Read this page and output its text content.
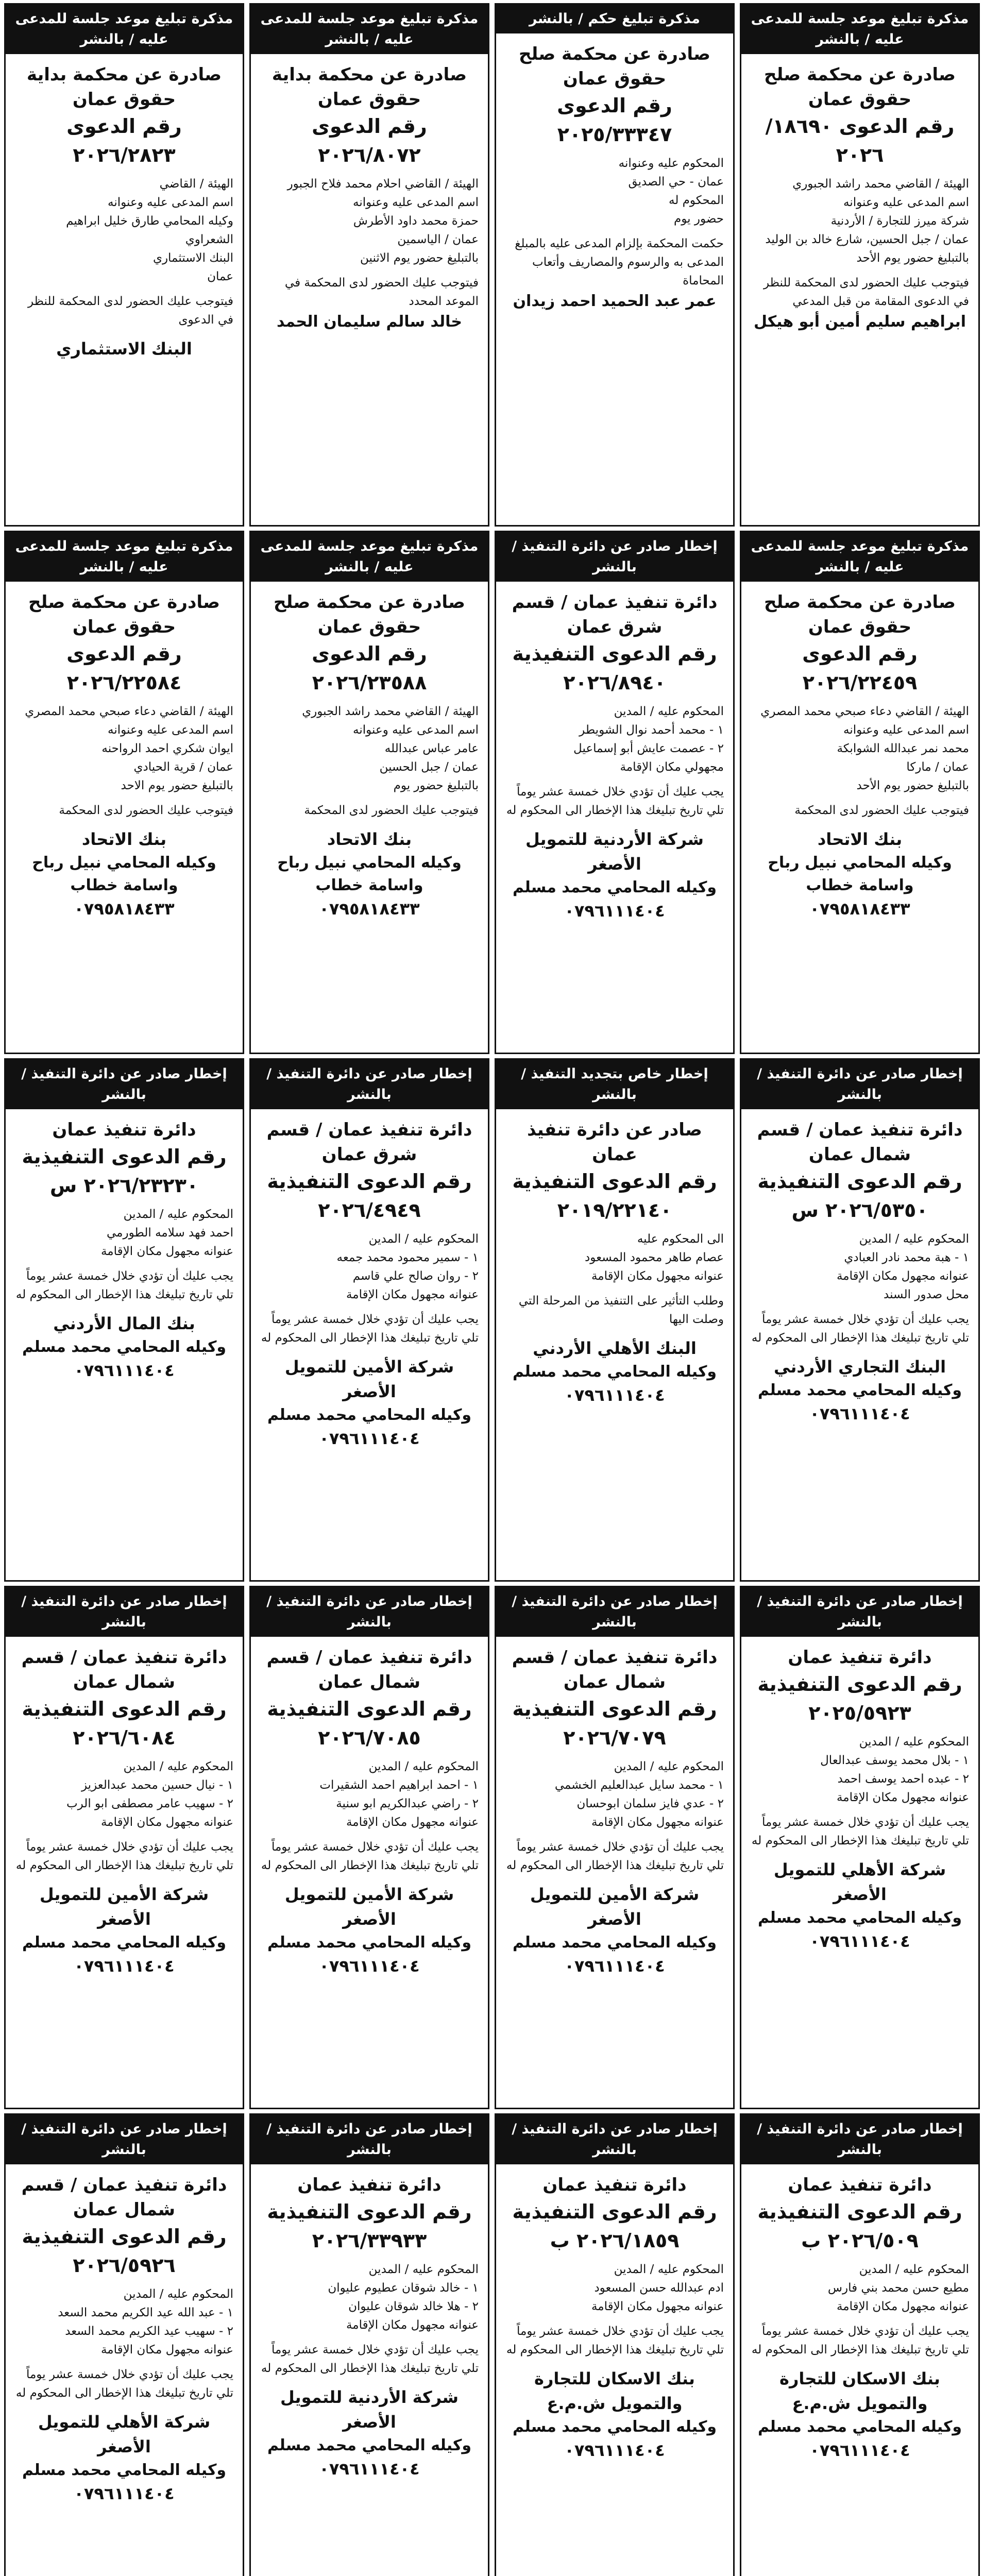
مذكرة تبليغ موعد جلسة للمدعى عليه / بالنشر
صادرة عن محكمة صلح حقوق عمان
رقم الدعوى ١٨٦٩٠/ ٢٠٢٦
الهيئة / القاضي محمد راشد الجبوري
اسم المدعى عليه وعنوانه
شركة ميرز للتجارة / الأردنية
عمان / جبل الحسين، شارع خالد بن الوليد
بالتبليغ حضور يوم الأحد
فيتوجب عليك الحضور لدى المحكمة للنظر في الدعوى المقامة من قبل المدعي
ابراهيم سليم أمين أبو هيكل
مذكرة تبليغ حكم / بالنشر
صادرة عن محكمة صلح حقوق عمان
رقم الدعوى ٢٠٢٥/٣٣٣٤٧
المحكوم عليه وعنوانه
عمان - حي الصديق
المحكوم له
حضور يوم
حكمت المحكمة بإلزام المدعى عليه بالمبلغ المدعى به والرسوم والمصاريف وأتعاب المحاماة
عمر عبد الحميد احمد زيدان
مذكرة تبليغ موعد جلسة للمدعى عليه / بالنشر
صادرة عن محكمة بداية حقوق عمان
رقم الدعوى ٢٠٢٦/٨٠٧٢
الهيئة / القاضي احلام محمد فلاح الجبور
اسم المدعى عليه وعنوانه
حمزة محمد داود الأطرش
عمان / الياسمين
بالتبليغ حضور يوم الاثنين
فيتوجب عليك الحضور لدى المحكمة في الموعد المحدد
خالد سالم سليمان الحمد
مذكرة تبليغ موعد جلسة للمدعى عليه / بالنشر
صادرة عن محكمة بداية حقوق عمان
رقم الدعوى ٢٠٢٦/٢٨٢٣
الهيئة / القاضي
اسم المدعى عليه وعنوانه
وكيله المحامي طارق خليل ابراهيم الشعراوي
البنك الاستثماري
عمان
فيتوجب عليك الحضور لدى المحكمة للنظر في الدعوى
البنك الاستثماري
مذكرة تبليغ موعد جلسة للمدعى عليه / بالنشر
صادرة عن محكمة صلح حقوق عمان
رقم الدعوى ٢٠٢٦/٢٢٤٥٩
الهيئة / القاضي دعاء صبحي محمد المصري
اسم المدعى عليه وعنوانه
محمد نمر عبدالله الشوابكة
عمان / ماركا
بالتبليغ حضور يوم الأحد
فيتوجب عليك الحضور لدى المحكمة
بنك الاتحاد
وكيله المحامي نبيل رباح واسامة خطاب
٠٧٩٥٨١٨٤٣٣
إخطار صادر عن دائرة التنفيذ / بالنشر
دائرة تنفيذ عمان / قسم شرق عمان
رقم الدعوى التنفيذية ٢٠٢٦/٨٩٤٠
المحكوم عليه / المدين
١ - محمد أحمد نوال الشويطر
٢ - عصمت عايش أبو إسماعيل
مجهولي مكان الإقامة
يجب عليك أن تؤدي خلال خمسة عشر يوماً تلي تاريخ تبليغك هذا الإخطار الى المحكوم له
شركة الأردنية للتمويل الأصغر
وكيله المحامي محمد مسلم
٠٧٩٦١١١٤٠٤
مذكرة تبليغ موعد جلسة للمدعى عليه / بالنشر
صادرة عن محكمة صلح حقوق عمان
رقم الدعوى ٢٠٢٦/٢٣٥٨٨
الهيئة / القاضي محمد راشد الجبوري
اسم المدعى عليه وعنوانه
عامر عباس عبدالله
عمان / جبل الحسين
بالتبليغ حضور يوم
فيتوجب عليك الحضور لدى المحكمة
بنك الاتحاد
وكيله المحامي نبيل رباح واسامة خطاب
٠٧٩٥٨١٨٤٣٣
مذكرة تبليغ موعد جلسة للمدعى عليه / بالنشر
صادرة عن محكمة صلح حقوق عمان
رقم الدعوى ٢٠٢٦/٢٢٥٨٤
الهيئة / القاضي دعاء صبحي محمد المصري
اسم المدعى عليه وعنوانه
ايوان شكري احمد الرواحنه
عمان / قرية الحيادي
بالتبليغ حضور يوم الاحد
فيتوجب عليك الحضور لدى المحكمة
بنك الاتحاد
وكيله المحامي نبيل رباح واسامة خطاب
٠٧٩٥٨١٨٤٣٣
إخطار صادر عن دائرة التنفيذ / بالنشر
دائرة تنفيذ عمان / قسم شمال عمان
رقم الدعوى التنفيذية ٢٠٢٦/٥٣٥٠ س
المحكوم عليه / المدين
١ - هبة محمد نادر العبادي
عنوانه مجهول مكان الإقامة
محل صدور السند
يجب عليك أن تؤدي خلال خمسة عشر يوماً تلي تاريخ تبليغك هذا الإخطار الى المحكوم له
البنك التجاري الأردني
وكيله المحامي محمد مسلم
٠٧٩٦١١١٤٠٤
إخطار خاص بتجديد التنفيذ / بالنشر
صادر عن دائرة تنفيذ عمان
رقم الدعوى التنفيذية ٢٠١٩/٢٢١٤٠
الى المحكوم عليه
عصام طاهر محمود المسعود
عنوانه مجهول مكان الإقامة
وطلب التأثير على التنفيذ من المرحلة التي وصلت اليها
البنك الأهلي الأردني
وكيله المحامي محمد مسلم
٠٧٩٦١١١٤٠٤
إخطار صادر عن دائرة التنفيذ / بالنشر
دائرة تنفيذ عمان / قسم شرق عمان
رقم الدعوى التنفيذية ٢٠٢٦/٤٩٤٩
المحكوم عليه / المدين
١ - سمير محمود محمد جمعه
٢ - روان صالح علي قاسم
عنوانه مجهول مكان الإقامة
يجب عليك أن تؤدي خلال خمسة عشر يوماً تلي تاريخ تبليغك هذا الإخطار الى المحكوم له
شركة الأمين للتمويل الأصغر
وكيله المحامي محمد مسلم
٠٧٩٦١١١٤٠٤
إخطار صادر عن دائرة التنفيذ / بالنشر
دائرة تنفيذ عمان
رقم الدعوى التنفيذية ٢٠٢٦/٢٣٢٣٠ س
المحكوم عليه / المدين
احمد فهد سلامه الطورمي
عنوانه مجهول مكان الإقامة
يجب عليك أن تؤدي خلال خمسة عشر يوماً تلي تاريخ تبليغك هذا الإخطار الى المحكوم له
بنك المال الأردني
وكيله المحامي محمد مسلم
٠٧٩٦١١١٤٠٤
إخطار صادر عن دائرة التنفيذ / بالنشر
دائرة تنفيذ عمان
رقم الدعوى التنفيذية ٢٠٢٥/٥٩٢٣
المحكوم عليه / المدين
١ - بلال محمد يوسف عبدالعال
٢ - عبده احمد يوسف احمد
عنوانه مجهول مكان الإقامة
يجب عليك أن تؤدي خلال خمسة عشر يوماً تلي تاريخ تبليغك هذا الإخطار الى المحكوم له
شركة الأهلي للتمويل الأصغر
وكيله المحامي محمد مسلم
٠٧٩٦١١١٤٠٤
إخطار صادر عن دائرة التنفيذ / بالنشر
دائرة تنفيذ عمان / قسم شمال عمان
رقم الدعوى التنفيذية ٢٠٢٦/٧٠٧٩
المحكوم عليه / المدين
١ - محمد سايل عبدالعليم الخشمي
٢ - عدي فايز سلمان ابوحسان
عنوانه مجهول مكان الإقامة
يجب عليك أن تؤدي خلال خمسة عشر يوماً تلي تاريخ تبليغك هذا الإخطار الى المحكوم له
شركة الأمين للتمويل الأصغر
وكيله المحامي محمد مسلم
٠٧٩٦١١١٤٠٤
إخطار صادر عن دائرة التنفيذ / بالنشر
دائرة تنفيذ عمان / قسم شمال عمان
رقم الدعوى التنفيذية ٢٠٢٦/٧٠٨٥
المحكوم عليه / المدين
١ - احمد ابراهيم احمد الشقيرات
٢ - راضي عبدالكريم ابو سنية
عنوانه مجهول مكان الإقامة
يجب عليك أن تؤدي خلال خمسة عشر يوماً تلي تاريخ تبليغك هذا الإخطار الى المحكوم له
شركة الأمين للتمويل الأصغر
وكيله المحامي محمد مسلم
٠٧٩٦١١١٤٠٤
إخطار صادر عن دائرة التنفيذ / بالنشر
دائرة تنفيذ عمان / قسم شمال عمان
رقم الدعوى التنفيذية ٢٠٢٦/٦٠٨٤
المحكوم عليه / المدين
١ - نيال حسين محمد عبدالعزيز
٢ - سهيب عامر مصطفى ابو الرب
عنوانه مجهول مكان الإقامة
يجب عليك أن تؤدي خلال خمسة عشر يوماً تلي تاريخ تبليغك هذا الإخطار الى المحكوم له
شركة الأمين للتمويل الأصغر
وكيله المحامي محمد مسلم
٠٧٩٦١١١٤٠٤
إخطار صادر عن دائرة التنفيذ / بالنشر
دائرة تنفيذ عمان
رقم الدعوى التنفيذية ٢٠٢٦/٥٠٩ ب
المحكوم عليه / المدين
مطيع حسن محمد بني فارس
عنوانه مجهول مكان الإقامة
يجب عليك أن تؤدي خلال خمسة عشر يوماً تلي تاريخ تبليغك هذا الإخطار الى المحكوم له
بنك الاسكان للتجارة والتمويل ش.م.ع
وكيله المحامي محمد مسلم
٠٧٩٦١١١٤٠٤
إخطار صادر عن دائرة التنفيذ / بالنشر
دائرة تنفيذ عمان
رقم الدعوى التنفيذية ٢٠٢٦/١٨٥٩ ب
المحكوم عليه / المدين
ادم عبدالله حسن المسعود
عنوانه مجهول مكان الإقامة
يجب عليك أن تؤدي خلال خمسة عشر يوماً تلي تاريخ تبليغك هذا الإخطار الى المحكوم له
بنك الاسكان للتجارة والتمويل ش.م.ع
وكيله المحامي محمد مسلم
٠٧٩٦١١١٤٠٤
إخطار صادر عن دائرة التنفيذ / بالنشر
دائرة تنفيذ عمان
رقم الدعوى التنفيذية ٢٠٢٦/٣٣٩٣٣
المحكوم عليه / المدين
١ - خالد شوقان عطيوم عليوان
٢ - هلا خالد شوقان عليوان
عنوانه مجهول مكان الإقامة
يجب عليك أن تؤدي خلال خمسة عشر يوماً تلي تاريخ تبليغك هذا الإخطار الى المحكوم له
شركة الأردنية للتمويل الأصغر
وكيله المحامي محمد مسلم
٠٧٩٦١١١٤٠٤
إخطار صادر عن دائرة التنفيذ / بالنشر
دائرة تنفيذ عمان / قسم شمال عمان
رقم الدعوى التنفيذية ٢٠٢٦/٥٩٢٦
المحكوم عليه / المدين
١ - عبد الله عيد الكريم محمد السعد
٢ - سهيب عيد الكريم محمد السعد
عنوانه مجهول مكان الإقامة
يجب عليك أن تؤدي خلال خمسة عشر يوماً تلي تاريخ تبليغك هذا الإخطار الى المحكوم له
شركة الأهلي للتمويل الأصغر
وكيله المحامي محمد مسلم
٠٧٩٦١١١٤٠٤
